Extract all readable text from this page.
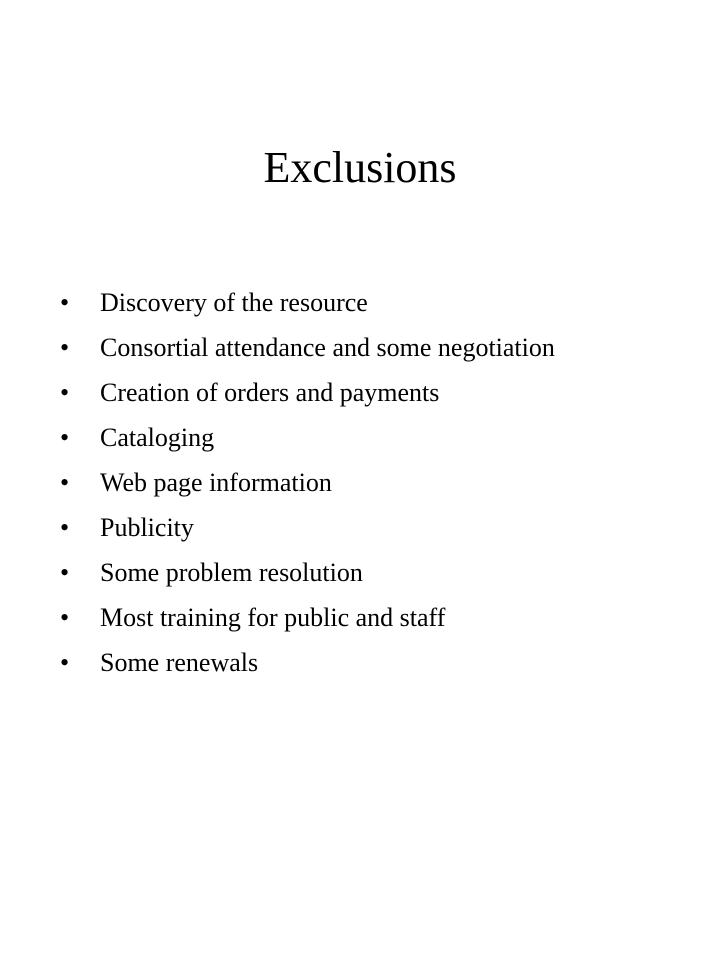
Exclusions
•	Discovery of the resource
•	Consortial attendance and some negotiation
•	Creation of orders and payments
•	Cataloging
•	Web page information
•	Publicity
•	Some problem resolution
•	Most training for public and staff
•	Some renewals
